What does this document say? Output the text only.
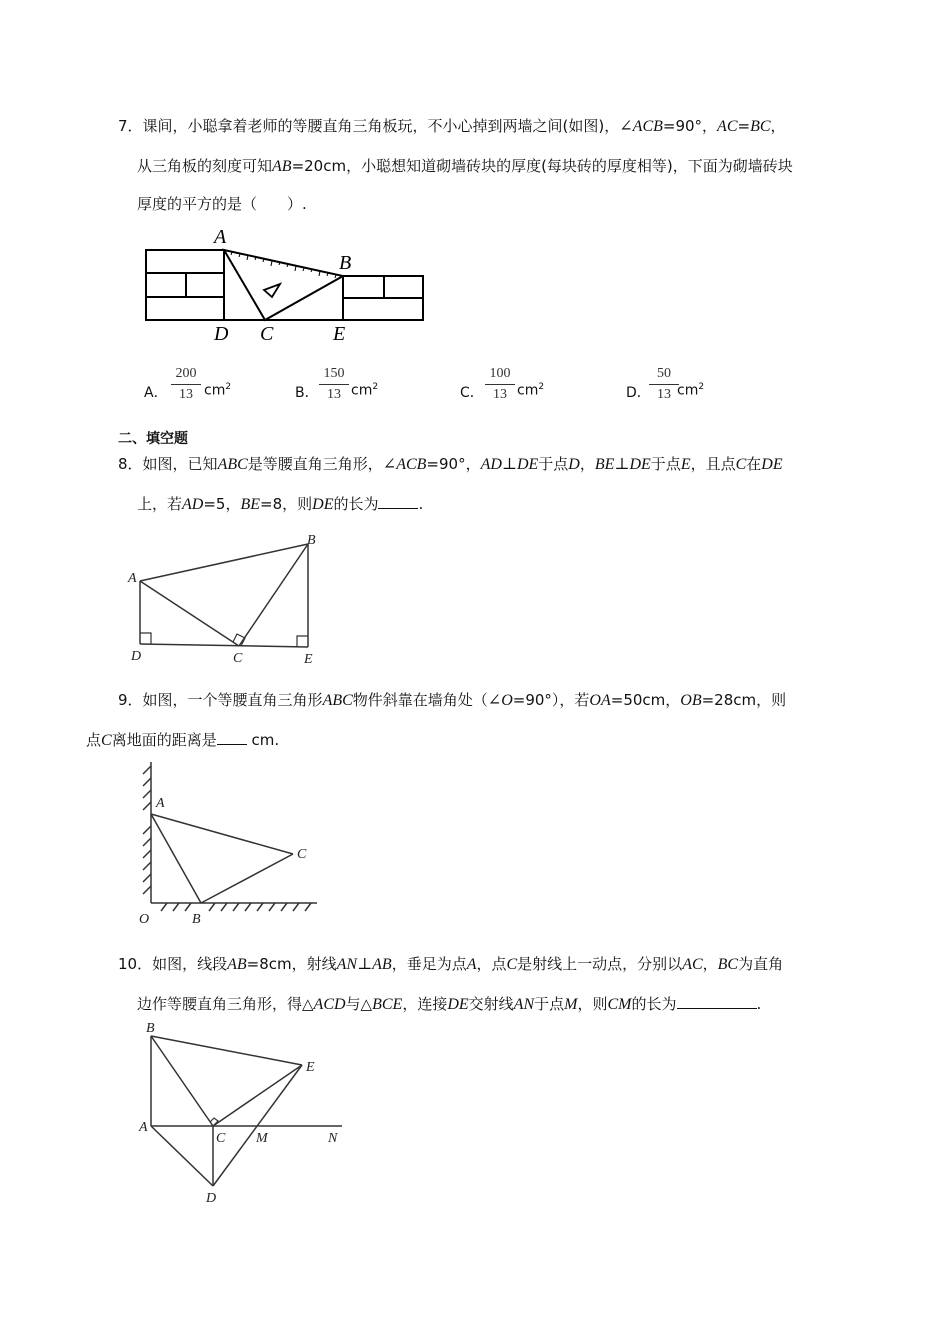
7．课间，小聪拿着老师的等腰直角三角板玩，不小心掉到两墙之间(如图)，∠ACB=90°，AC=BC，
从三角板的刻度可知AB=20cm，小聪想知道砌墙砖块的厚度(每块砖的厚度相等)，下面为砌墙砖块
厚度的平方的是（　　）.
A
B
C
D	E
A．
200
13 $cm^2$	B．
150
13 $cm^2$	C．
100
13 $cm^2$	D．
50
13 $cm^2$
二、填空题
8．如图，已知ABC是等腰直角三角形，∠ACB=90°，AD⊥DE于点D，BE⊥DE于点E，且点C在DE
上，若AD=5，BE=8，则DE的长为	.
A
B
C
D	E
9．如图，一个等腰直角三角形ABC物件斜靠在墙角处（∠O=90°），若OA=50cm，OB=28cm，则
点C离地面的距离是 cm.
A
B
C
O
10．如图，线段AB=8cm，射线AN⊥AB，垂足为点A，点C是射线上一动点，分别以AC，BC为直角
边作等腰直角三角形，得△ACD与△BCE，连接DE交射线AN于点M，则CM的长为	.
A
B
C
D
E
M	N
